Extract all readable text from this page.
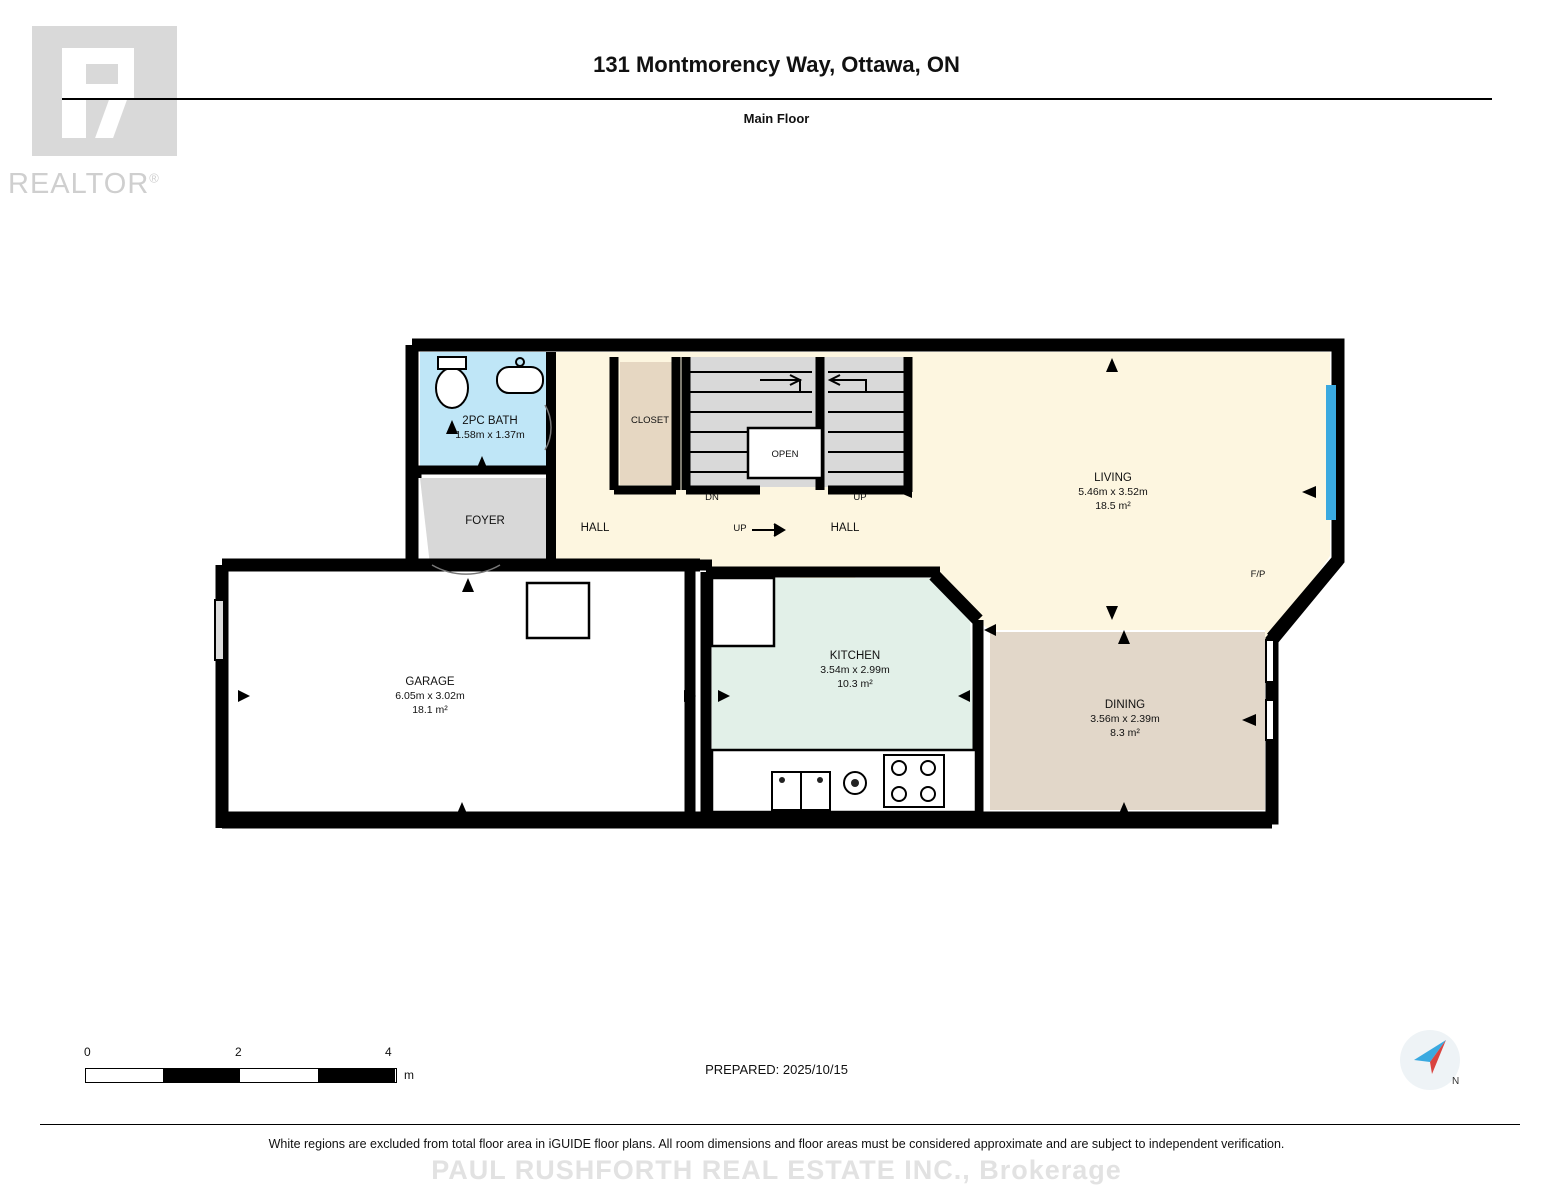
REALTOR®
131 Montmorency Way, Ottawa, ON
Main Floor
2PC BATH
1.58m x 1.37m
FOYER
CLOSET
HALL	HALL
OPEN
LIVING
5.46m x 3.52m
18.5 m²
DINING
3.56m x 2.39m
8.3 m²
KITCHEN
3.54m x 2.99m
10.3 m²
GARAGE
6.05m x 3.02m
18.1 m²
DN	UP
UP
F/P
0	2	4
m	PREPARED: 2025/10/15
N
White regions are excluded from total floor area in iGUIDE floor plans. All room dimensions and floor areas must be considered approximate and are subject to independent verification.
PAUL RUSHFORTH REAL ESTATE INC., Brokerage
